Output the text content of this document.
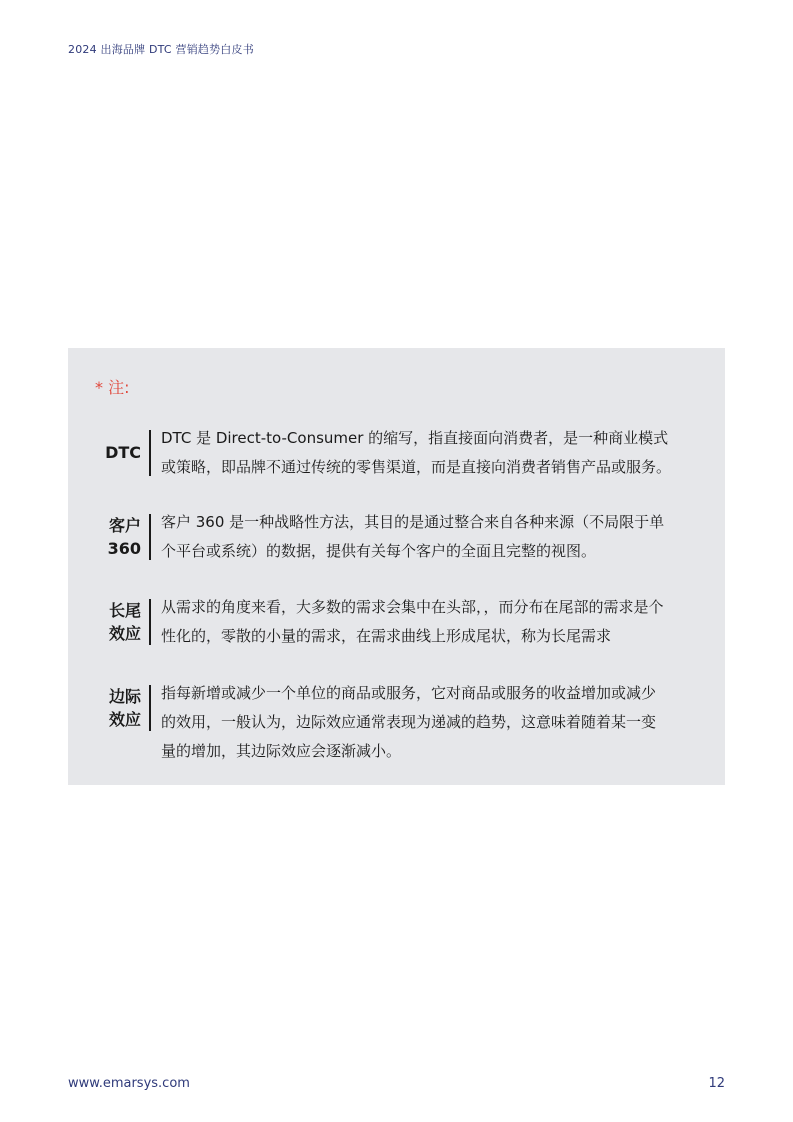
2024 出海品牌 DTC 营销趋势白皮书
* 注:
DTC
DTC 是 Direct-to-Consumer 的缩写，指直接面向消费者，是一种商业模式
或策略，即品牌不通过传统的零售渠道，而是直接向消费者销售产品或服务。
客户
360
客户 360 是一种战略性方法，其目的是通过整合来自各种来源（不局限于单
个平台或系统）的数据，提供有关每个客户的全面且完整的视图。
长尾
效应
从需求的角度来看，大多数的需求会集中在头部，，而分布在尾部的需求是个
性化的，零散的小量的需求，在需求曲线上形成尾状，称为长尾需求
边际
效应
指每新增或减少一个单位的商品或服务，它对商品或服务的收益增加或减少
的效用，一般认为，边际效应通常表现为递减的趋势，这意味着随着某一变
量的增加，其边际效应会逐渐减小。
www.emarsys.com	12
